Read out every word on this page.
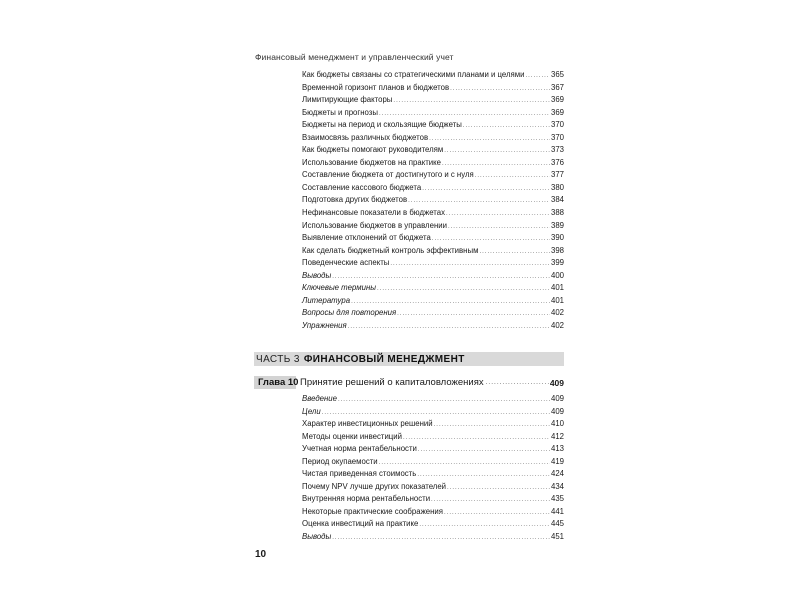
Финансовый менеджмент и управленческий учет
Как бюджеты связаны со стратегическими планами и целями .....	365
Временной горизонт планов и бюджетов .....	367
Лимитирующие факторы .....	369
Бюджеты и прогнозы .....	369
Бюджеты на период и скользящие бюджеты .....	370
Взаимосвязь различных бюджетов .....	370
Как бюджеты помогают руководителям .....	373
Использование бюджетов на практике .....	376
Составление бюджета от достигнутого и с нуля .....	377
Составление кассового бюджета .....	380
Подготовка других бюджетов .....	384
Нефинансовые показатели в бюджетах .....	388
Использование бюджетов в управлении .....	389
Выявление отклонений от бюджета .....	390
Как сделать бюджетный контроль эффективным .....	398
Поведенческие аспекты .....	399
Выводы .....	400
Ключевые термины .....	401
Литература .....	401
Вопросы для повторения .....	402
Упражнения .....	402
ЧАСТЬ 3 ФИНАНСОВЫЙ МЕНЕДЖМЕНТ
Глава 10 Принятие решений о капиталовложениях .....	409
Введение .....	409
Цели .....	409
Характер инвестиционных решений .....	410
Методы оценки инвестиций .....	412
Учетная норма рентабельности .....	413
Период окупаемости .....	419
Чистая приведенная стоимость .....	424
Почему NPV лучше других показателей .....	434
Внутренняя норма рентабельности .....	435
Некоторые практические соображения .....	441
Оценка инвестиций на практике .....	445
Выводы .....	451
10
